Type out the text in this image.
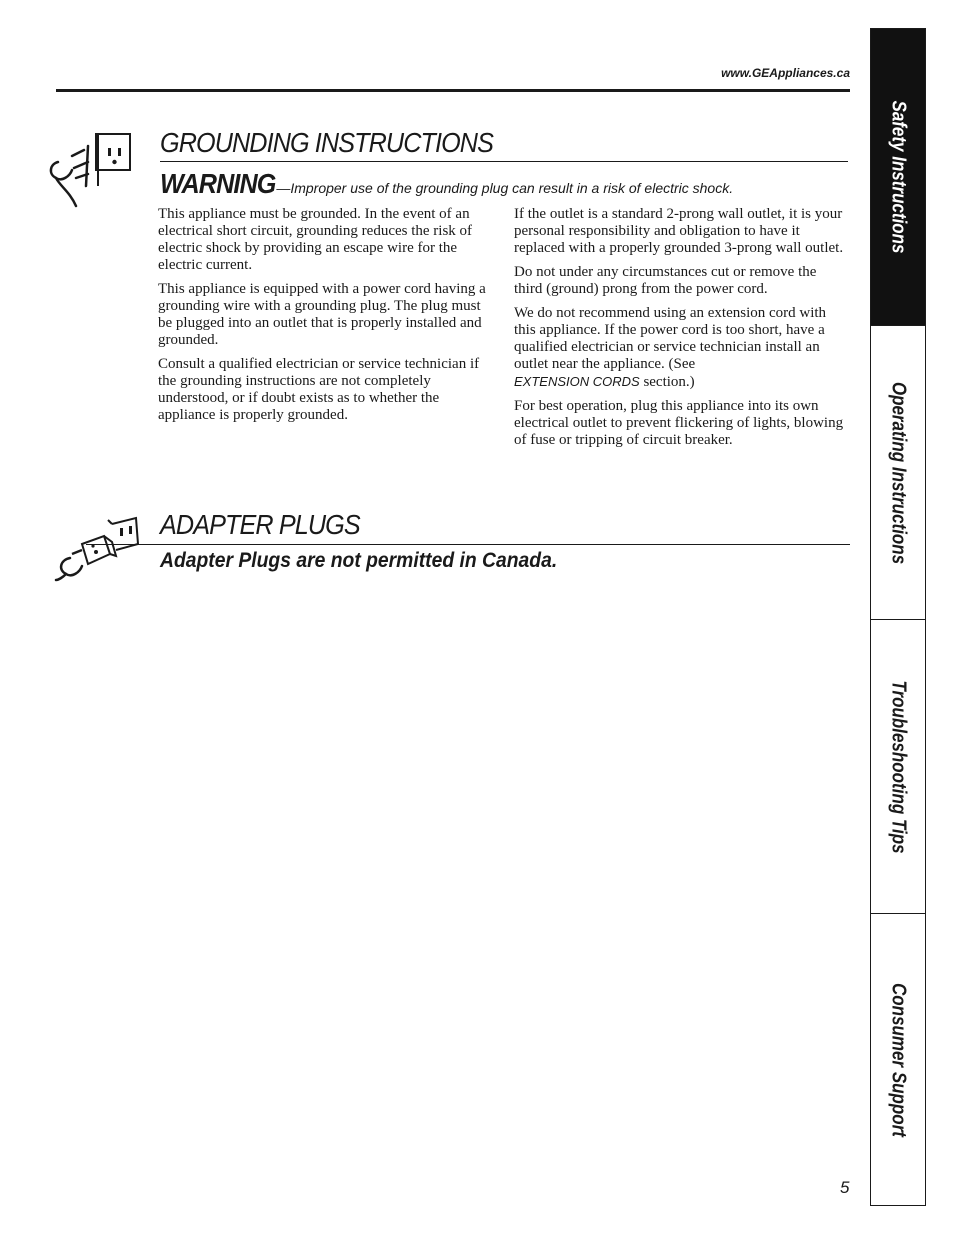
www.GEAppliances.ca
GROUNDING INSTRUCTIONS
WARNING—Improper use of the grounding plug can result in a risk of electric shock.

This appliance must be grounded. In the event of an electrical short circuit, grounding reduces the risk of electric shock by providing an escape wire for the electric current.

This appliance is equipped with a power cord having a grounding wire with a grounding plug. The plug must be plugged into an outlet that is properly installed and grounded.

Consult a qualified electrician or service technician if the grounding instructions are not completely understood, or if doubt exists as to whether the appliance is properly grounded.

If the outlet is a standard 2-prong wall outlet, it is your personal responsibility and obligation to have it replaced with a properly grounded 3-prong wall outlet.

Do not under any circumstances cut or remove the third (ground) prong from the power cord.

We do not recommend using an extension cord with this appliance. If the power cord is too short, have a qualified electrician or service technician install an outlet near the appliance. (See
EXTENSION CORDS section.)

For best operation, plug this appliance into its own electrical outlet to prevent flickering of lights, blowing of fuse or tripping of circuit breaker.

ADAPTER PLUGS
Adapter Plugs are not permitted in Canada.
5
Safety Instructions
Operating Instructions
Troubleshooting Tips
Consumer Support
